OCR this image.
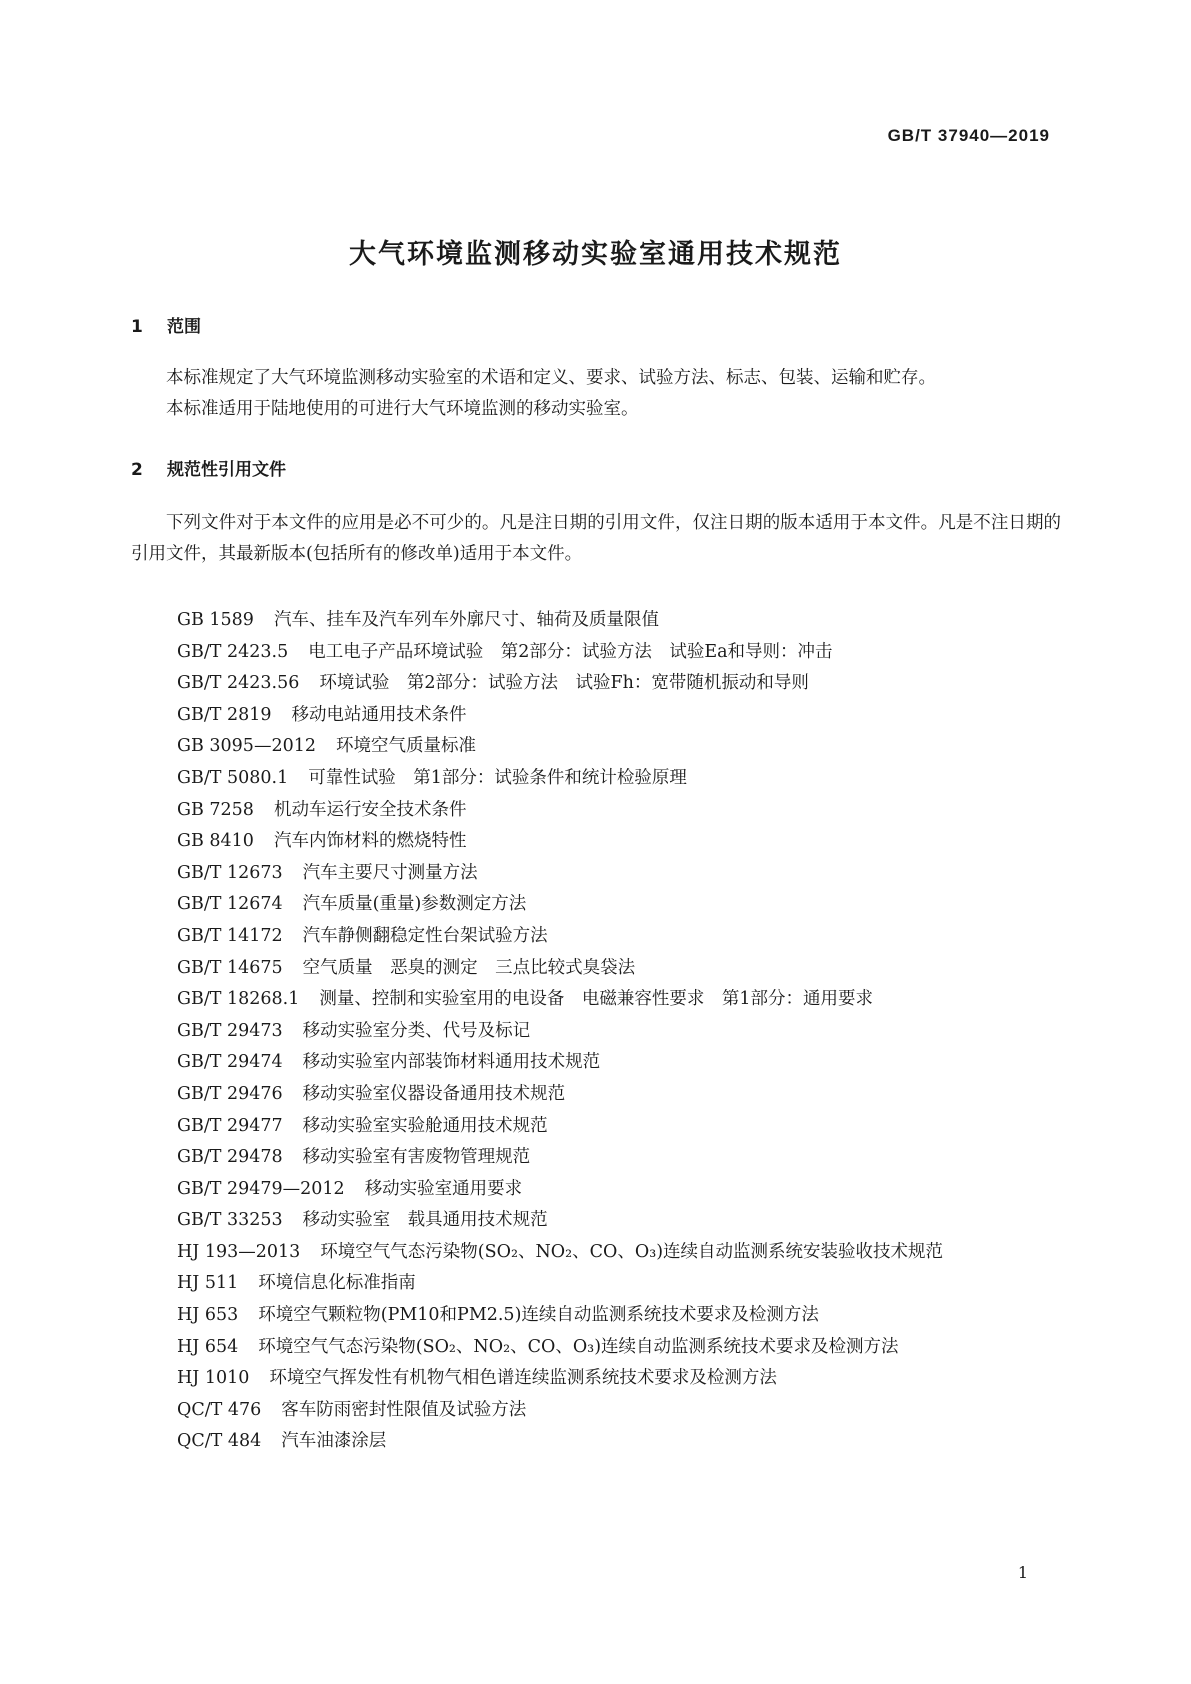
GB/T 37940—2019
大气环境监测移动实验室通用技术规范
1 范围

本标准规定了大气环境监测移动实验室的术语和定义、要求、试验方法、标志、包装、运输和贮存。

本标准适用于陆地使用的可进行大气环境监测的移动实验室。

2 规范性引用文件

下列文件对于本文件的应用是必不可少的。凡是注日期的引用文件，仅注日期的版本适用于本文件。凡是不注日期的引用文件，其最新版本(包括所有的修改单)适用于本文件。

GB 1589 汽车、挂车及汽车列车外廓尺寸、轴荷及质量限值
GB/T 2423.5 电工电子产品环境试验　第2部分：试验方法　试验Ea和导则：冲击
GB/T 2423.56 环境试验　第2部分：试验方法　试验Fh：宽带随机振动和导则
GB/T 2819 移动电站通用技术条件
GB 3095—2012 环境空气质量标准
GB/T 5080.1 可靠性试验　第1部分：试验条件和统计检验原理
GB 7258 机动车运行安全技术条件
GB 8410 汽车内饰材料的燃烧特性
GB/T 12673 汽车主要尺寸测量方法
GB/T 12674 汽车质量(重量)参数测定方法
GB/T 14172 汽车静侧翻稳定性台架试验方法
GB/T 14675 空气质量　恶臭的测定　三点比较式臭袋法
GB/T 18268.1 测量、控制和实验室用的电设备　电磁兼容性要求　第1部分：通用要求
GB/T 29473 移动实验室分类、代号及标记
GB/T 29474 移动实验室内部装饰材料通用技术规范
GB/T 29476 移动实验室仪器设备通用技术规范
GB/T 29477 移动实验室实验舱通用技术规范
GB/T 29478 移动实验室有害废物管理规范
GB/T 29479—2012 移动实验室通用要求
GB/T 33253 移动实验室　载具通用技术规范
HJ 193—2013 环境空气气态污染物(SO₂、NO₂、CO、O₃)连续自动监测系统安装验收技术规范
HJ 511 环境信息化标准指南
HJ 653 环境空气颗粒物(PM10和PM2.5)连续自动监测系统技术要求及检测方法
HJ 654 环境空气气态污染物(SO₂、NO₂、CO、O₃)连续自动监测系统技术要求及检测方法
HJ 1010 环境空气挥发性有机物气相色谱连续监测系统技术要求及检测方法
QC/T 476 客车防雨密封性限值及试验方法
QC/T 484 汽车油漆涂层
1
